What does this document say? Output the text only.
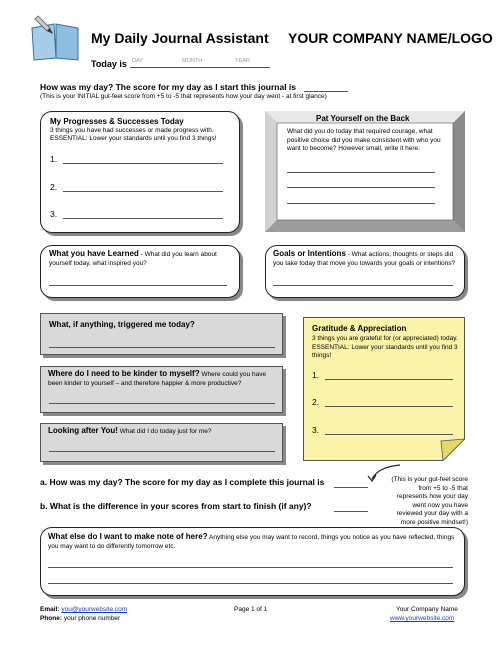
My Daily Journal Assistant YOUR COMPANY NAME/LOGO
Today is DAY	MONTH	YEAR
How was my day? The score for my day as I start this journal is
(This is your INITIAL gut-feel score from +5 to -5 that represents how your day went - at first glance)
My Progresses & Successes Today
3 things you have had successes or made progress with.
ESSENTIAL: Lower your standards until you find 3 things!
1.
2.
3.
Pat Yourself on the Back
What did you do today that required courage, what positive choice did you make consistent with who you want to become? However small, write it here:
What you have Learned - What did you learn about yourself today, what inspired you?
Goals or Intentions - What actions, thoughts or steps did you take today that move you towards your goals or intentions?
What, if anything, triggered me today?
Where do I need to be kinder to myself? Where could you have been kinder to yourself – and therefore happier & more productive?
Looking after You! What did I do today just for me?
Gratitude & Appreciation
3 things you are grateful for (or appreciated) today. ESSENTIAL: Lower your standards until you find 3 things!
1.
2.
3.
a. How was my day? The score for my day as I complete this journal is
b. What is the difference in your scores from start to finish (if any)?
(This is your gut-feel score from +5 to -5 that represents how your day went now you have reviewed your day with a more positive mindset!)
What else do I want to make note of here? Anything else you may want to record, things you notice as you have reflected, things you may want to do differently tomorrow etc.
Email: you@yourwebsite.com
Phone: your phone number
Page 1 of 1	Your Company Name
www.yourwebsite.com
